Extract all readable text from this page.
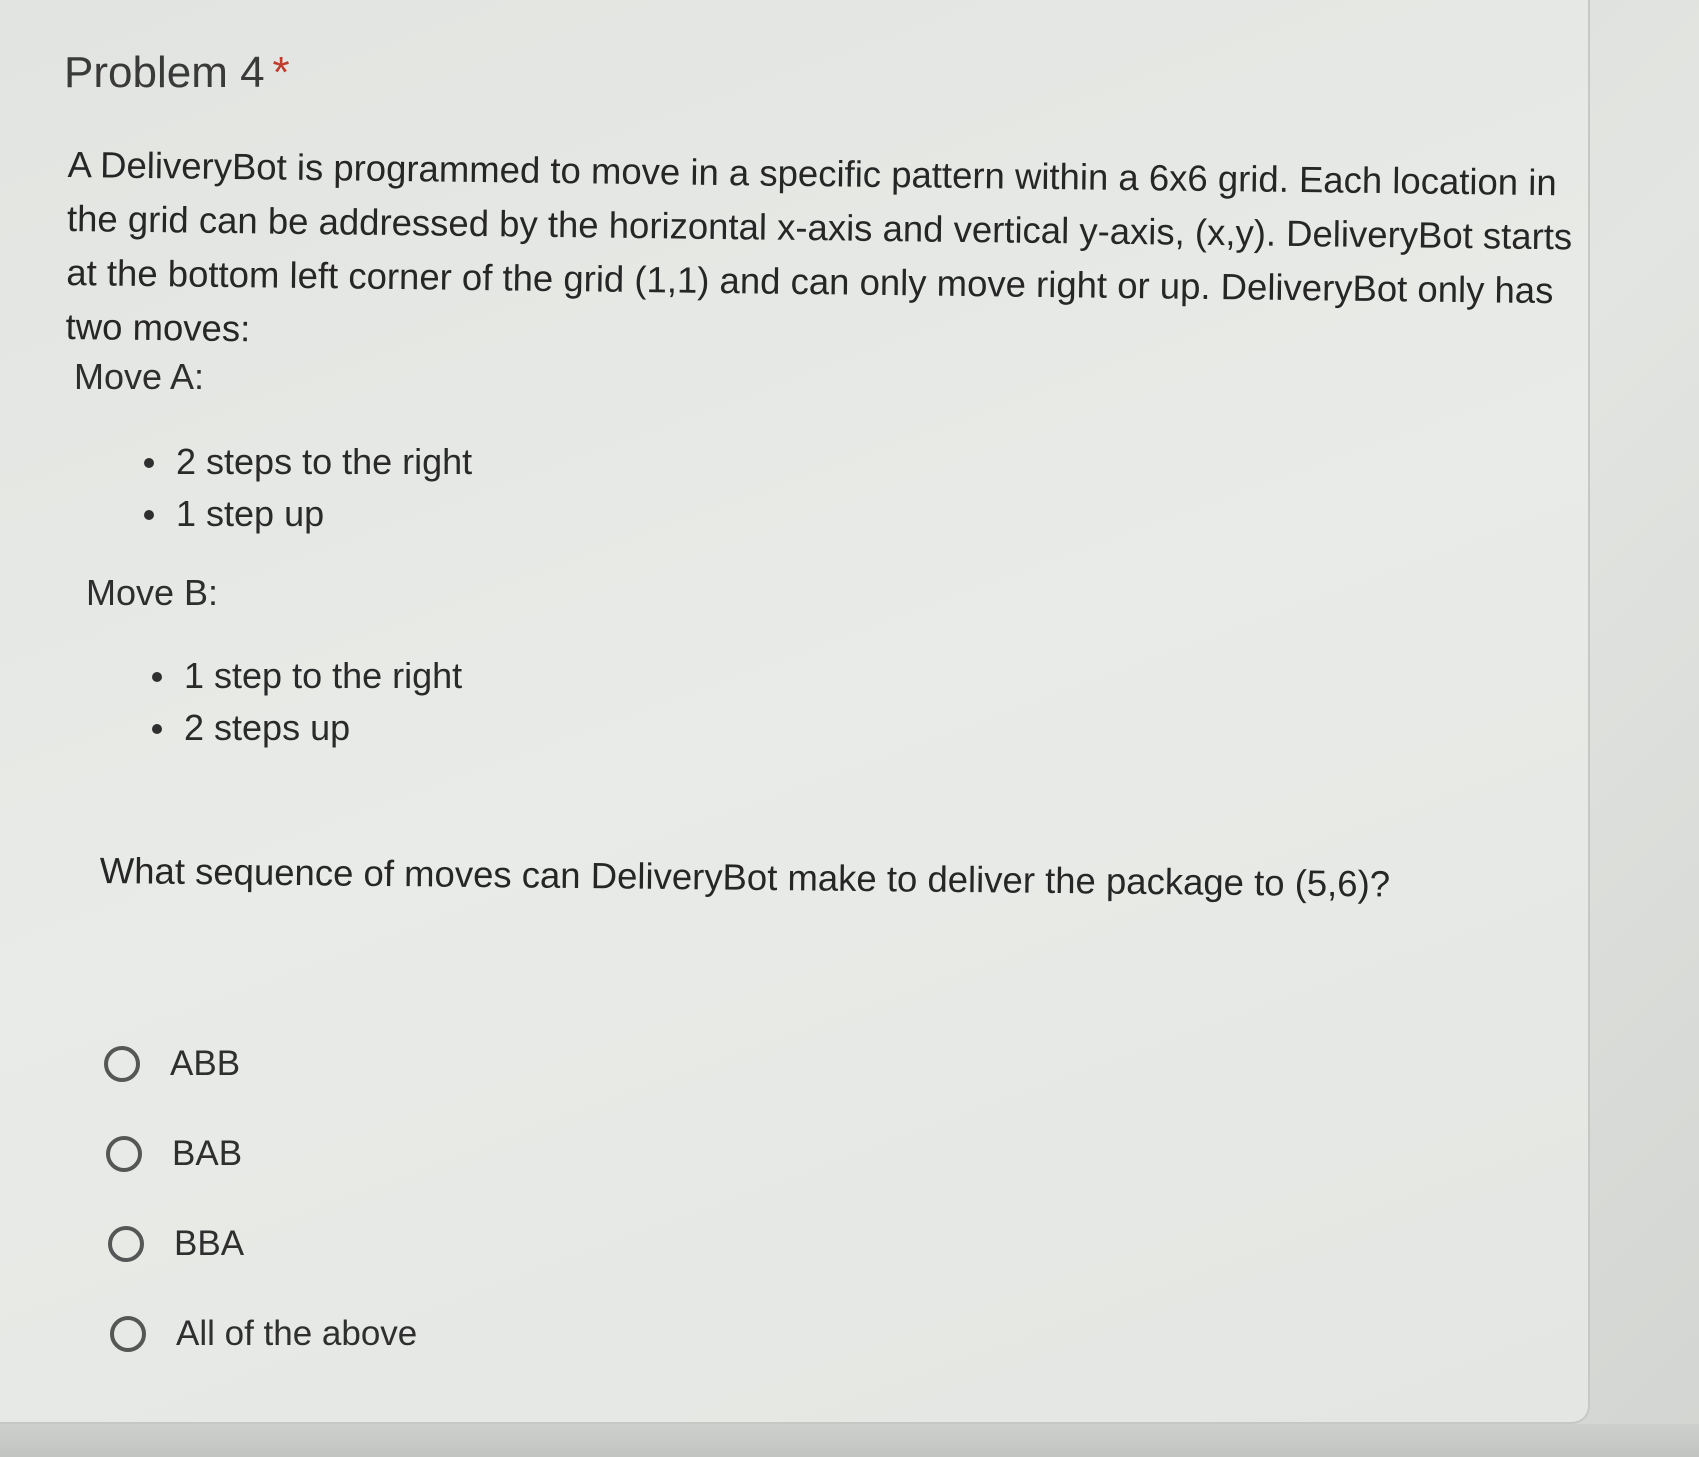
Problem 4 *
A DeliveryBot is programmed to move in a specific pattern within a 6x6 grid. Each location in the grid can be addressed by the horizontal x-axis and vertical y-axis, (x,y). DeliveryBot starts at the bottom left corner of the grid (1,1) and can only move right or up. DeliveryBot only has two moves:
Move A:
2 steps to the right
1 step up
Move B:
1 step to the right
2 steps up
What sequence of moves can DeliveryBot make to deliver the package to (5,6)?
ABB
BAB
BBA
All of the above
